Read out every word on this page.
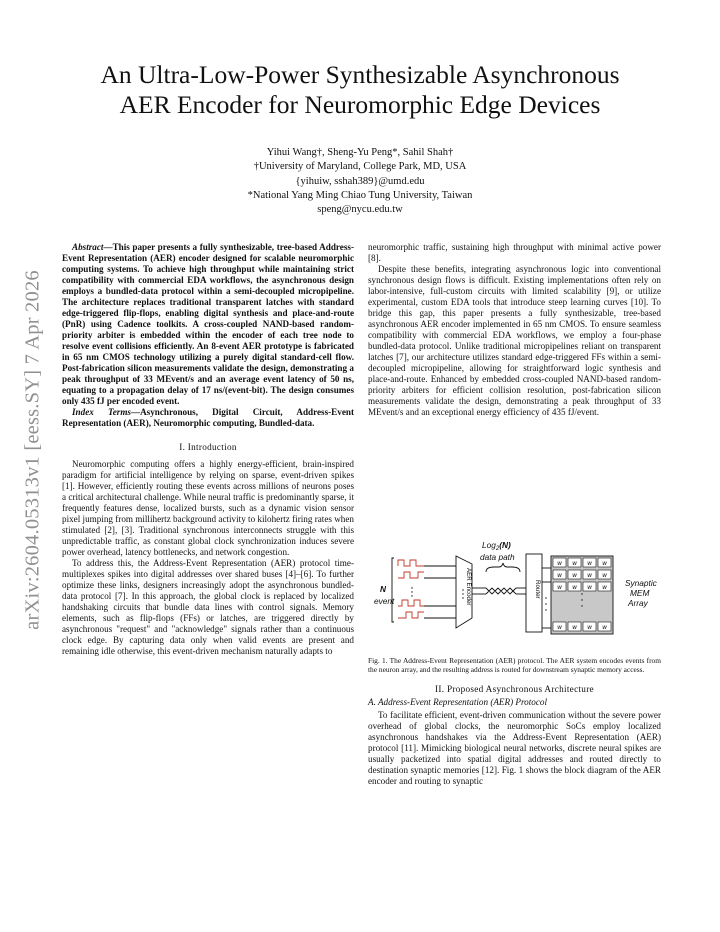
An Ultra-Low-Power Synthesizable Asynchronous
AER Encoder for Neuromorphic Edge Devices
Yihui Wang†, Sheng-Yu Peng*, Sahil Shah†
†University of Maryland, College Park, MD, USA
{yihuiw, sshah389}@umd.edu
*National Yang Ming Chiao Tung University, Taiwan
speng@nycu.edu.tw
arXiv:2604.05313v1 [eess.SY] 7 Apr 2026

Abstract—This paper presents a fully synthesizable, tree-based Address-Event Representation (AER) encoder designed for scalable neuromorphic computing systems. To achieve high throughput while maintaining strict compatibility with commercial EDA workflows, the asynchronous design employs a bundled-data protocol within a semi-decoupled micropipeline. The architecture replaces traditional transparent latches with standard edge-triggered flip-flops, enabling digital synthesis and place-and-route (PnR) using Cadence toolkits. A cross-coupled NAND-based random-priority arbiter is embedded within the encoder of each tree node to resolve event collisions efficiently. An 8-event AER prototype is fabricated in 65 nm CMOS technology utilizing a purely digital standard-cell flow. Post-fabrication silicon measurements validate the design, demonstrating a peak throughput of 33 MEvent/s and an average event latency of 50 ns, equating to a propagation delay of 17 ns/(event-bit). The design consumes only 435 fJ per encoded event.

Index Terms—Asynchronous, Digital Circuit, Address-Event Representation (AER), Neuromorphic computing, Bundled-data.

I. Introduction

Neuromorphic computing offers a highly energy-efficient, brain-inspired paradigm for artificial intelligence by relying on sparse, event-driven spikes [1]. However, efficiently routing these events across millions of neurons poses a critical architectural challenge. While neural traffic is predominantly sparse, it frequently features dense, localized bursts, such as a dynamic vision sensor pixel jumping from millihertz background activity to kilohertz firing rates when stimulated [2], [3]. Traditional synchronous interconnects struggle with this unpredictable traffic, as constant global clock synchronization induces severe power overhead, latency bottlenecks, and network congestion.

To address this, the Address-Event Representation (AER) protocol time-multiplexes spikes into digital addresses over shared buses [4]–[6]. To further optimize these links, designers increasingly adopt the asynchronous bundled-data protocol [7]. In this approach, the global clock is replaced by localized handshaking circuits that bundle data lines with control signals. Memory elements, such as flip-flops (FFs) or latches, are triggered directly by asynchronous "request" and "acknowledge" signals rather than a continuous clock edge. By capturing data only when valid events are present and remaining idle otherwise, this event-driven mechanism naturally adapts to

neuromorphic traffic, sustaining high throughput with minimal active power [8].

Despite these benefits, integrating asynchronous logic into conventional synchronous design flows is difficult. Existing implementations often rely on labor-intensive, full-custom circuits with limited scalability [9], or utilize experimental, custom EDA tools that introduce steep learning curves [10]. To bridge this gap, this paper presents a fully synthesizable, tree-based asynchronous AER encoder implemented in 65 nm CMOS. To ensure seamless compatibility with commercial EDA workflows, we employ a four-phase bundled-data protocol. Unlike traditional micropipelines reliant on transparent latches [7], our architecture utilizes standard edge-triggered FFs within a semi-decoupled micropipeline, allowing for straightforward logic synthesis and place-and-route. Enhanced by embedded cross-coupled NAND-based random-priority arbiters for efficient collision resolution, post-fabrication silicon measurements validate the design, demonstrating a peak throughput of 33 MEvent/s and an exceptional energy efficiency of 435 fJ/event.

w w w w
w w w w
w w w w
w w w w
Log$_2$(N)
data path
N
event
Synaptic
MEM
Array
AER Encoder	Router
Fig. 1. The Address-Event Representation (AER) protocol. The AER system encodes events from the neuron array, and the resulting address is routed for downstream synaptic memory access.

II. Proposed Asynchronous Architecture

A. Address-Event Representation (AER) Protocol

To facilitate efficient, event-driven communication without the severe power overhead of global clocks, the neuromorphic SoCs employ localized asynchronous handshakes via the Address-Event Representation (AER) protocol [11]. Mimicking biological neural networks, discrete neural spikes are usually packetized into spatial digital addresses and routed directly to destination synaptic memories [12]. Fig. 1 shows the block diagram of the AER encoder and routing to synaptic
